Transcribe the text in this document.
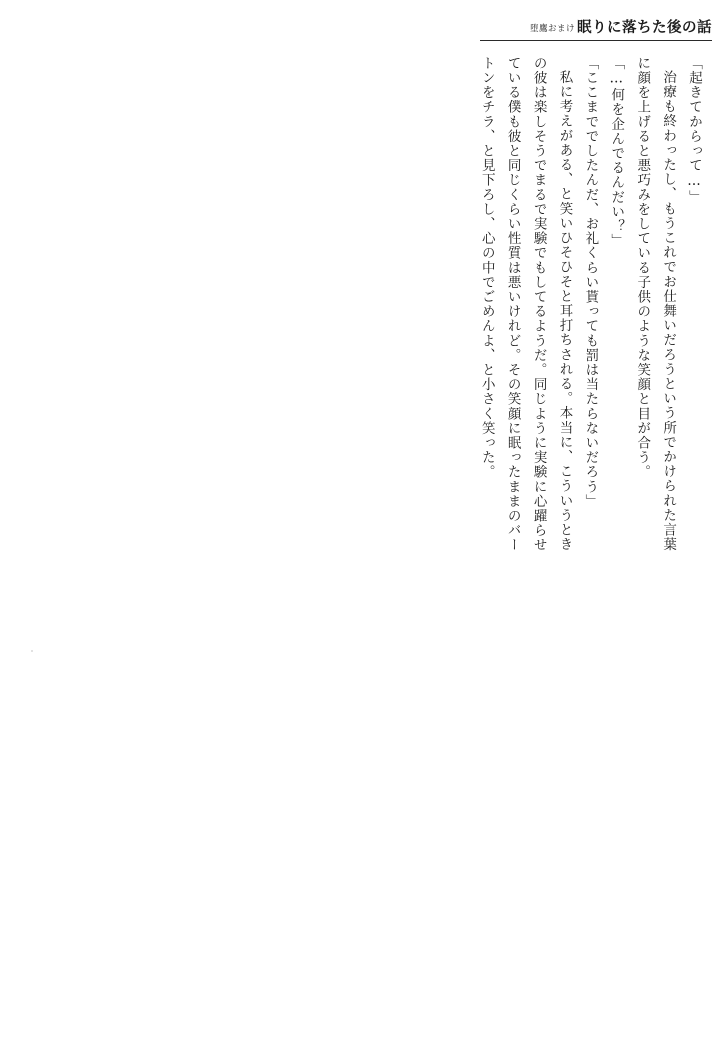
堕鷹おまけ 眠りに落ちた後の話

「起きてからって…」

治療も終わったし、もうこれでお仕舞いだろうという所でかけられた言葉に顔を上げると悪巧みをしている子供のような笑顔と目が合う。

「…何を企んでるんだい？」

「ここまででしたんだ、お礼くらい貰っても罰は当たらないだろう」

私に考えがある、と笑いひそひそと耳打ちされる。本当に、こういうときの彼は楽しそうでまるで実験でもしてるようだ。同じように実験に心躍らせている僕も彼と同じくらい性質は悪いけれど。その笑顔に眠ったままのバートンをチラ、と見下ろし、心の中でごめんよ、と小さく笑った。
